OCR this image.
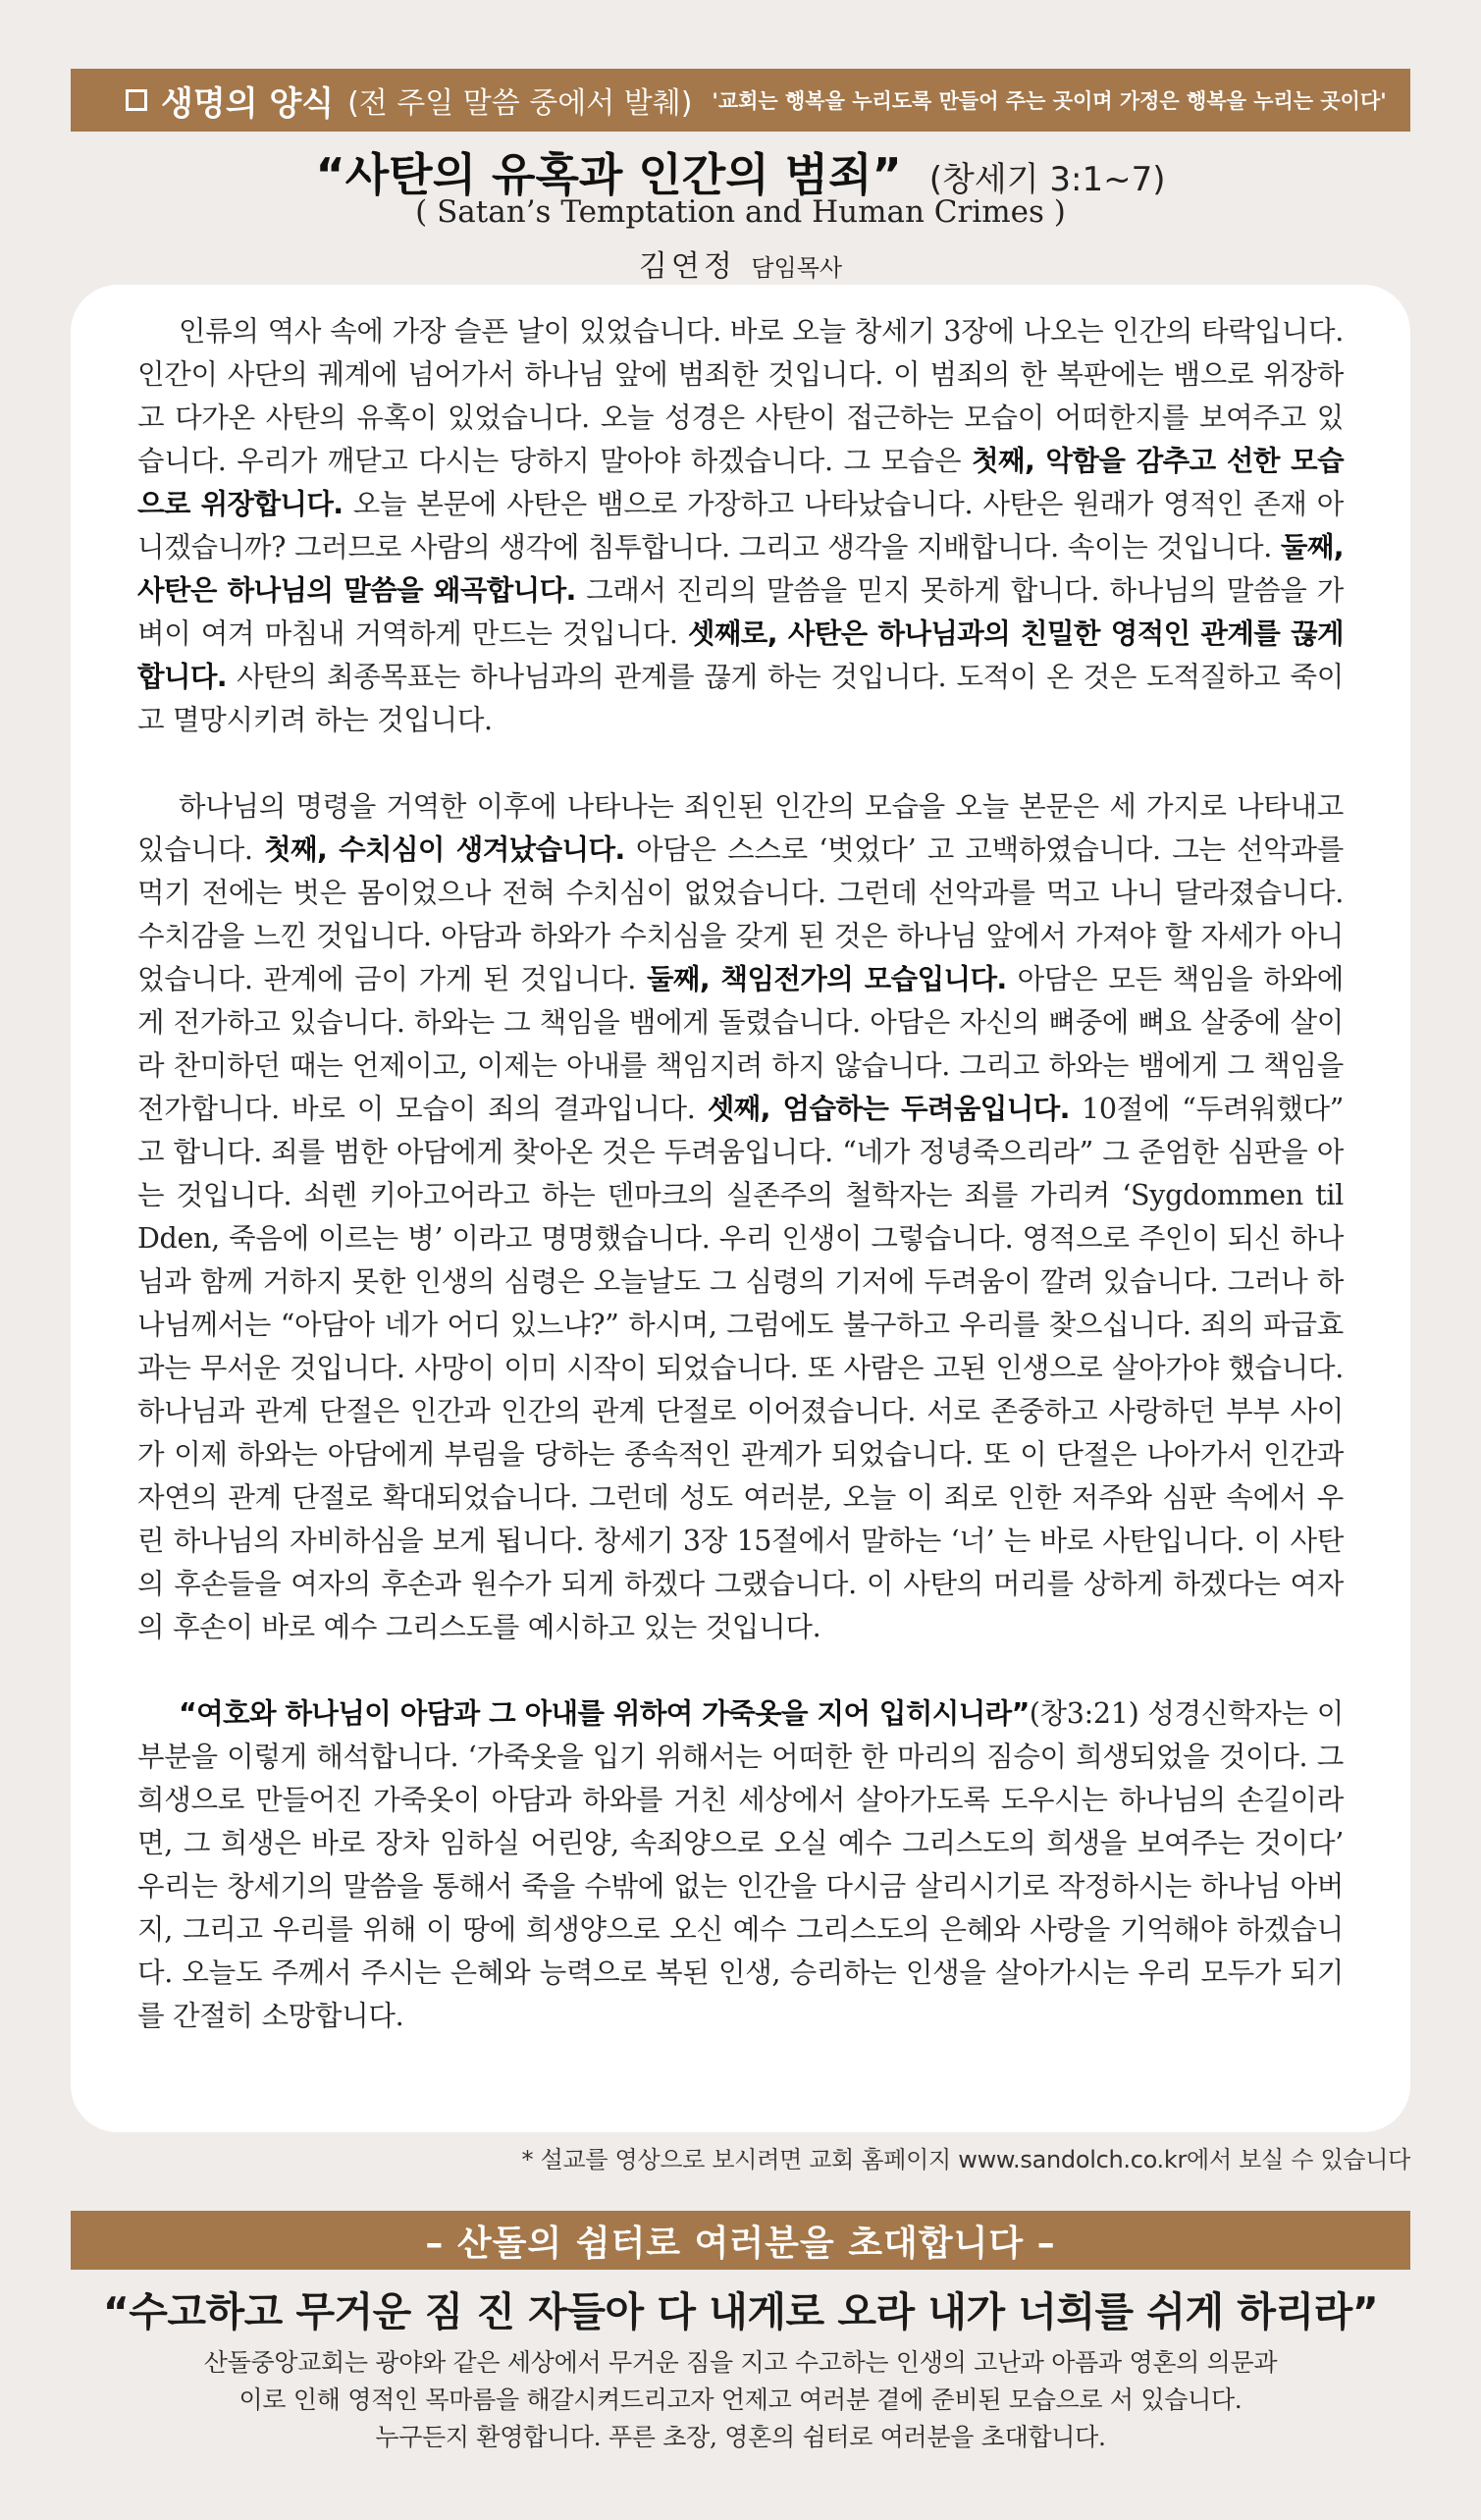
생명의 양식 (전 주일 말씀 중에서 발췌) '교회는 행복을 누리도록 만들어 주는 곳이며 가정은 행복을 누리는 곳이다'
“사탄의 유혹과 인간의 범죄” (창세기 3:1~7)
( Satan’s Temptation and Human Crimes )
김연정 담임목사

인류의 역사 속에 가장 슬픈 날이 있었습니다. 바로 오늘 창세기 3장에 나오는 인간의 타락입니다. 인간이 사단의 궤계에 넘어가서 하나님 앞에 범죄한 것입니다. 이 범죄의 한 복판에는 뱀으로 위장하고 다가온 사탄의 유혹이 있었습니다. 오늘 성경은 사탄이 접근하는 모습이 어떠한지를 보여주고 있습니다. 우리가 깨닫고 다시는 당하지 말아야 하겠습니다. 그 모습은 첫째, 악함을 감추고 선한 모습으로 위장합니다. 오늘 본문에 사탄은 뱀으로 가장하고 나타났습니다. 사탄은 원래가 영적인 존재 아니겠습니까? 그러므로 사람의 생각에 침투합니다. 그리고 생각을 지배합니다. 속이는 것입니다. 둘째, 사탄은 하나님의 말씀을 왜곡합니다. 그래서 진리의 말씀을 믿지 못하게 합니다. 하나님의 말씀을 가벼이 여겨 마침내 거역하게 만드는 것입니다. 셋째로, 사탄은 하나님과의 친밀한 영적인 관계를 끊게 합니다. 사탄의 최종목표는 하나님과의 관계를 끊게 하는 것입니다. 도적이 온 것은 도적질하고 죽이고 멸망시키려 하는 것입니다.

하나님의 명령을 거역한 이후에 나타나는 죄인된 인간의 모습을 오늘 본문은 세 가지로 나타내고 있습니다. 첫째, 수치심이 생겨났습니다. 아담은 스스로 ‘벗었다’ 고 고백하였습니다. 그는 선악과를 먹기 전에는 벗은 몸이었으나 전혀 수치심이 없었습니다. 그런데 선악과를 먹고 나니 달라졌습니다. 수치감을 느낀 것입니다. 아담과 하와가 수치심을 갖게 된 것은 하나님 앞에서 가져야 할 자세가 아니었습니다. 관계에 금이 가게 된 것입니다. 둘째, 책임전가의 모습입니다. 아담은 모든 책임을 하와에게 전가하고 있습니다. 하와는 그 책임을 뱀에게 돌렸습니다. 아담은 자신의 뼈중에 뼈요 살중에 살이라 찬미하던 때는 언제이고, 이제는 아내를 책임지려 하지 않습니다. 그리고 하와는 뱀에게 그 책임을 전가합니다. 바로 이 모습이 죄의 결과입니다. 셋째, 엄습하는 두려움입니다. 10절에 “두려워했다” 고 합니다. 죄를 범한 아담에게 찾아온 것은 두려움입니다. “네가 정녕죽으리라” 그 준엄한 심판을 아는 것입니다. 쇠렌 키아고어라고 하는 덴마크의 실존주의 철학자는 죄를 가리켜 ‘Sygdommen til Dden, 죽음에 이르는 병’ 이라고 명명했습니다. 우리 인생이 그렇습니다. 영적으로 주인이 되신 하나님과 함께 거하지 못한 인생의 심령은 오늘날도 그 심령의 기저에 두려움이 깔려 있습니다. 그러나 하나님께서는 “아담아 네가 어디 있느냐?” 하시며, 그럼에도 불구하고 우리를 찾으십니다. 죄의 파급효과는 무서운 것입니다. 사망이 이미 시작이 되었습니다. 또 사람은 고된 인생으로 살아가야 했습니다. 하나님과 관계 단절은 인간과 인간의 관계 단절로 이어졌습니다. 서로 존중하고 사랑하던 부부 사이가 이제 하와는 아담에게 부림을 당하는 종속적인 관계가 되었습니다. 또 이 단절은 나아가서 인간과 자연의 관계 단절로 확대되었습니다. 그런데 성도 여러분, 오늘 이 죄로 인한 저주와 심판 속에서 우린 하나님의 자비하심을 보게 됩니다. 창세기 3장 15절에서 말하는 ‘너’ 는 바로 사탄입니다. 이 사탄의 후손들을 여자의 후손과 원수가 되게 하겠다 그랬습니다. 이 사탄의 머리를 상하게 하겠다는 여자의 후손이 바로 예수 그리스도를 예시하고 있는 것입니다.

“여호와 하나님이 아담과 그 아내를 위하여 가죽옷을 지어 입히시니라”(창3:21) 성경신학자는 이 부분을 이렇게 해석합니다. ‘가죽옷을 입기 위해서는 어떠한 한 마리의 짐승이 희생되었을 것이다. 그 희생으로 만들어진 가죽옷이 아담과 하와를 거친 세상에서 살아가도록 도우시는 하나님의 손길이라면, 그 희생은 바로 장차 임하실 어린양, 속죄양으로 오실 예수 그리스도의 희생을 보여주는 것이다’ 우리는 창세기의 말씀을 통해서 죽을 수밖에 없는 인간을 다시금 살리시기로 작정하시는 하나님 아버지, 그리고 우리를 위해 이 땅에 희생양으로 오신 예수 그리스도의 은혜와 사랑을 기억해야 하겠습니다. 오늘도 주께서 주시는 은혜와 능력으로 복된 인생, 승리하는 인생을 살아가시는 우리 모두가 되기를 간절히 소망합니다.

* 설교를 영상으로 보시려면 교회 홈페이지 www.sandolch.co.kr에서 보실 수 있습니다
– 산돌의 쉼터로 여러분을 초대합니다 –
“수고하고 무거운 짐 진 자들아 다 내게로 오라 내가 너희를 쉬게 하리라”
산돌중앙교회는 광야와 같은 세상에서 무거운 짐을 지고 수고하는 인생의 고난과 아픔과 영혼의 의문과
이로 인해 영적인 목마름을 해갈시켜드리고자 언제고 여러분 곁에 준비된 모습으로 서 있습니다.
누구든지 환영합니다. 푸른 초장, 영혼의 쉼터로 여러분을 초대합니다.
